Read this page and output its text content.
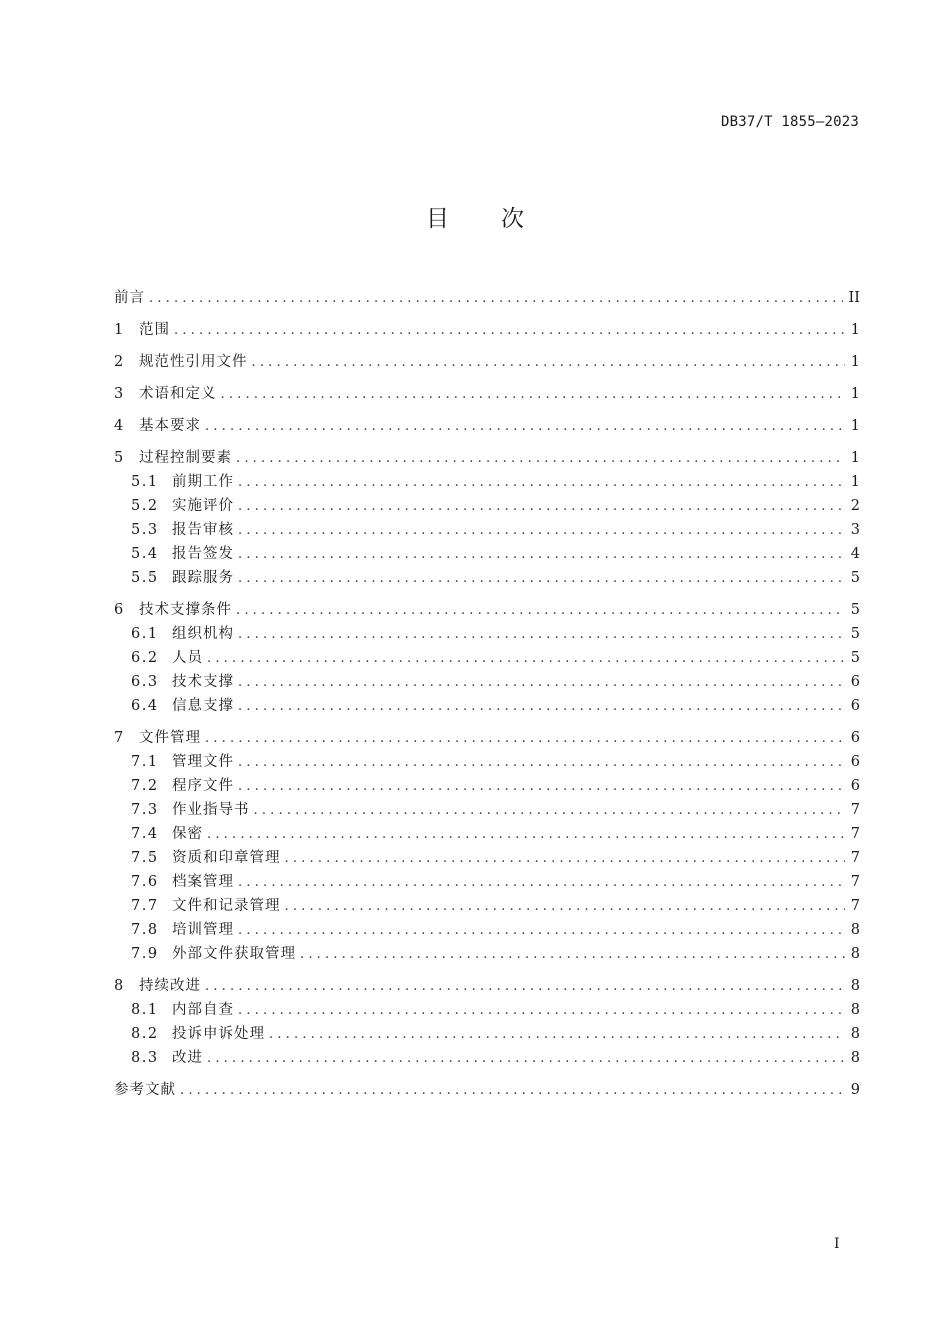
DB37/T 1855—2023
目 次
前言 .....	II
1	范围 .....	1
2	规范性引用文件 .....	1
3	术语和定义 .....	1
4	基本要求 .....	1
5	过程控制要素 .....	1
5.1 前期工作 .....	1
5.2 实施评价 .....	2
5.3 报告审核 .....	3
5.4 报告签发 .....	4
5.5 跟踪服务 .....	5
6	技术支撑条件 .....	5
6.1 组织机构 .....	5
6.2 人员 .....	5
6.3 技术支撑 .....	6
6.4 信息支撑 .....	6
7	文件管理 .....	6
7.1 管理文件 .....	6
7.2 程序文件 .....	6
7.3 作业指导书 .....	7
7.4 保密 .....	7
7.5 资质和印章管理 .....	7
7.6 档案管理 .....	7
7.7 文件和记录管理 .....	7
7.8 培训管理 .....	8
7.9 外部文件获取管理 .....	8
8	持续改进 .....	8
8.1 内部自查 .....	8
8.2 投诉申诉处理 .....	8
8.3 改进 .....	8
参考文献 .....	9
I
